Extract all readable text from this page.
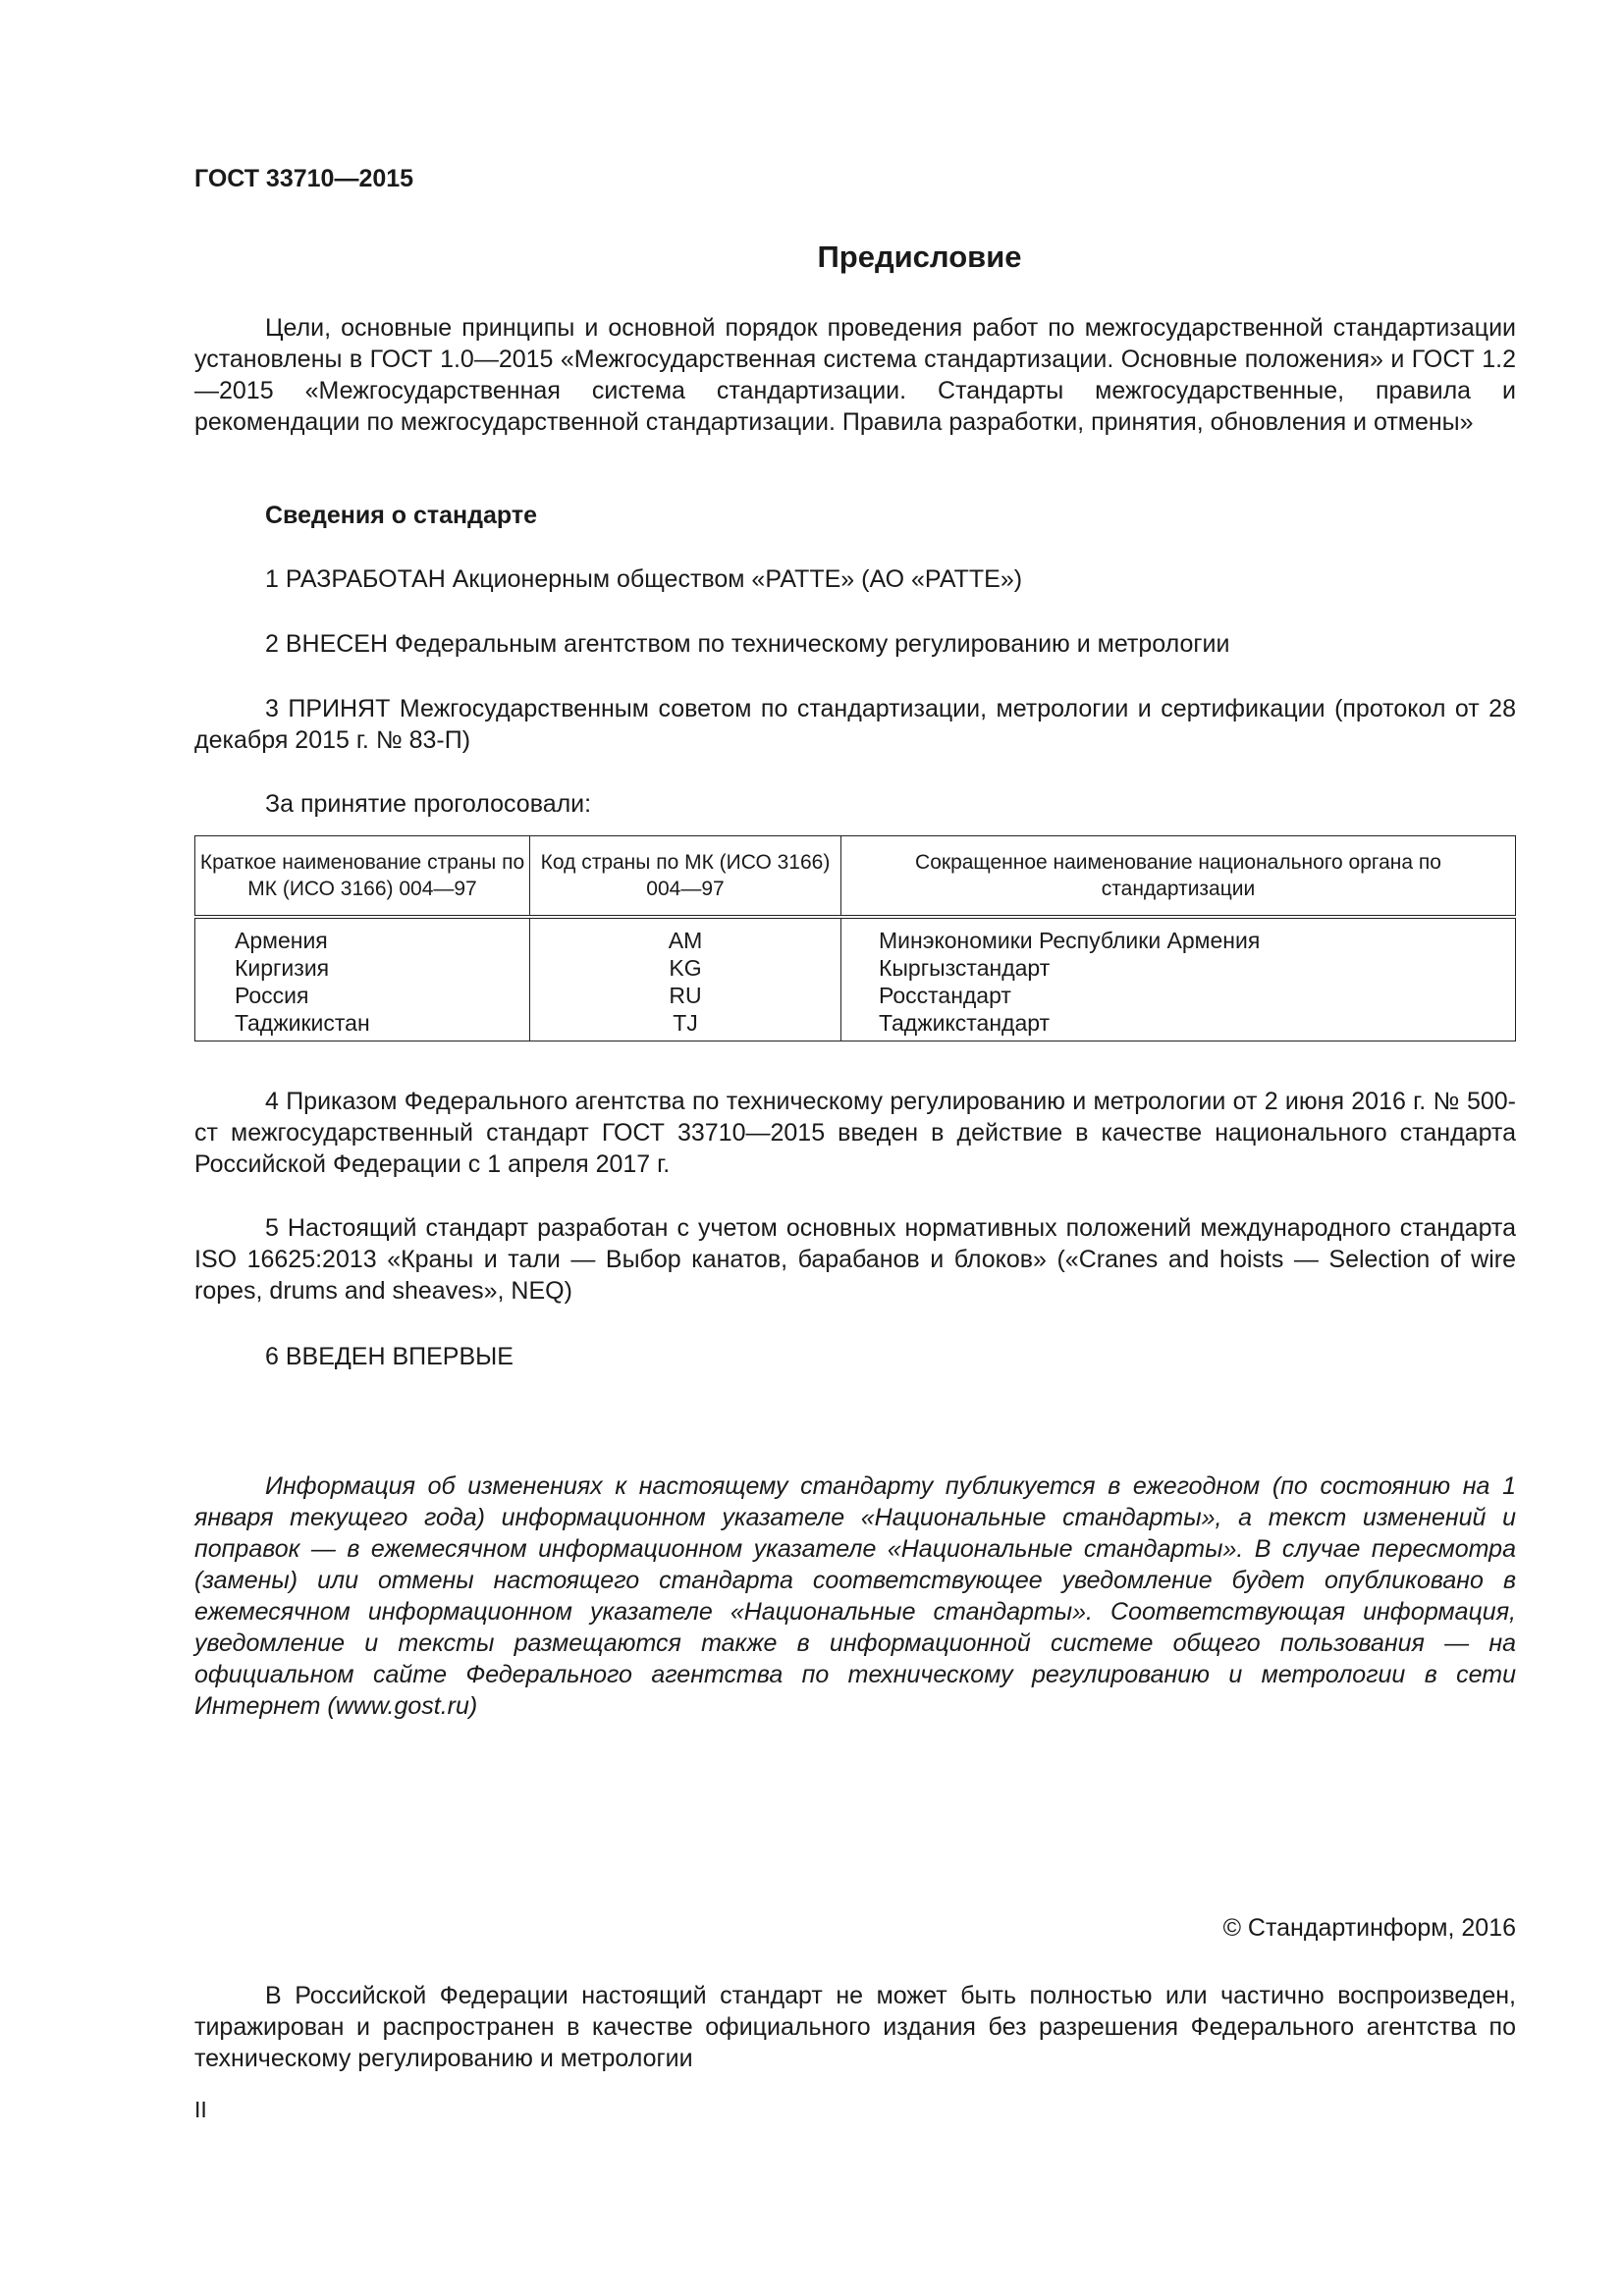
ГОСТ 33710—2015
Предисловие
Цели, основные принципы и основной порядок проведения работ по межгосударственной стандартизации установлены в ГОСТ 1.0—2015 «Межгосударственная система стандартизации. Основные положения» и ГОСТ 1.2—2015 «Межгосударственная система стандартизации. Стандарты межгосударственные, правила и рекомендации по межгосударственной стандартизации. Правила разработки, принятия, обновления и отмены»
Сведения о стандарте
1 РАЗРАБОТАН Акционерным обществом «РАТТЕ» (АО «РАТТЕ»)
2 ВНЕСЕН Федеральным агентством по техническому регулированию и метрологии
3 ПРИНЯТ Межгосударственным советом по стандартизации, метрологии и сертификации (протокол от 28 декабря 2015 г. № 83-П)
За принятие проголосовали:
Краткое наименование страны по МК (ИСО 3166) 004—97	Код страны по МК (ИСО 3166) 004—97	Сокращенное наименование национального органа по стандартизации
Армения	AM	Минэкономики Республики Армения
Киргизия	KG	Кыргызстандарт
Россия	RU	Росстандарт
Таджикистан	TJ	Таджикстандарт
4 Приказом Федерального агентства по техническому регулированию и метрологии от 2 июня 2016 г. № 500-ст межгосударственный стандарт ГОСТ 33710—2015 введен в действие в качестве национального стандарта Российской Федерации с 1 апреля 2017 г.
5 Настоящий стандарт разработан с учетом основных нормативных положений международного стандарта ISO 16625:2013 «Краны и тали — Выбор канатов, барабанов и блоков» («Cranes and hoists — Selection of wire ropes, drums and sheaves», NEQ)
6 ВВЕДЕН ВПЕРВЫЕ
Информация об изменениях к настоящему стандарту публикуется в ежегодном (по состоянию на 1 января текущего года) информационном указателе «Национальные стандарты», а текст изменений и поправок — в ежемесячном информационном указателе «Национальные стандарты». В случае пересмотра (замены) или отмены настоящего стандарта соответствующее уведомление будет опубликовано в ежемесячном информационном указателе «Национальные стандарты». Соответствующая информация, уведомление и тексты размещаются также в информационной системе общего пользования — на официальном сайте Федерального агентства по техническому регулированию и метрологии в сети Интернет (www.gost.ru)
© Стандартинформ, 2016
В Российской Федерации настоящий стандарт не может быть полностью или частично воспроизведен, тиражирован и распространен в качестве официального издания без разрешения Федерального агентства по техническому регулированию и метрологии
II
